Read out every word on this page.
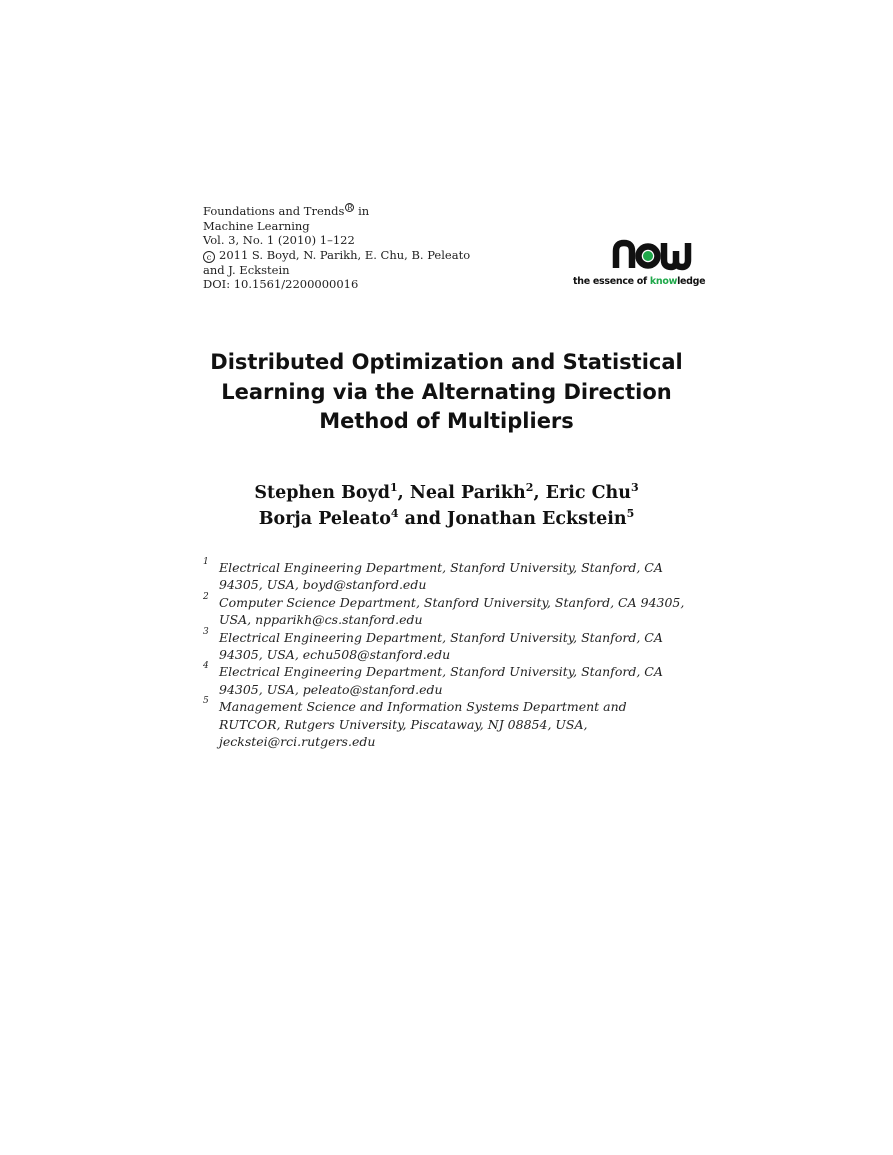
Foundations and Trends R in
Machine Learning
Vol. 3, No. 1 (2010) 1–122
c 2011 S. Boyd, N. Parikh, E. Chu, B. Peleato
and J. Eckstein
DOI: 10.1561/2200000016	the essence of knowledge
Distributed Optimization and Statistical
Learning via the Alternating Direction
Method of Multipliers
Stephen Boyd$^1$, Neal Parikh$^2$, Eric Chu$^3$
Borja Peleato$^4$ and Jonathan Eckstein$^5$
1 Electrical Engineering Department, Stanford University, Stanford, CA
94305, USA, boyd@stanford.edu
2 Computer Science Department, Stanford University, Stanford, CA 94305,
USA, npparikh@cs.stanford.edu
3 Electrical Engineering Department, Stanford University, Stanford, CA
94305, USA, echu508@stanford.edu
4 Electrical Engineering Department, Stanford University, Stanford, CA
94305, USA, peleato@stanford.edu
5 Management Science and Information Systems Department and
RUTCOR, Rutgers University, Piscataway, NJ 08854, USA,
jeckstei@rci.rutgers.edu
